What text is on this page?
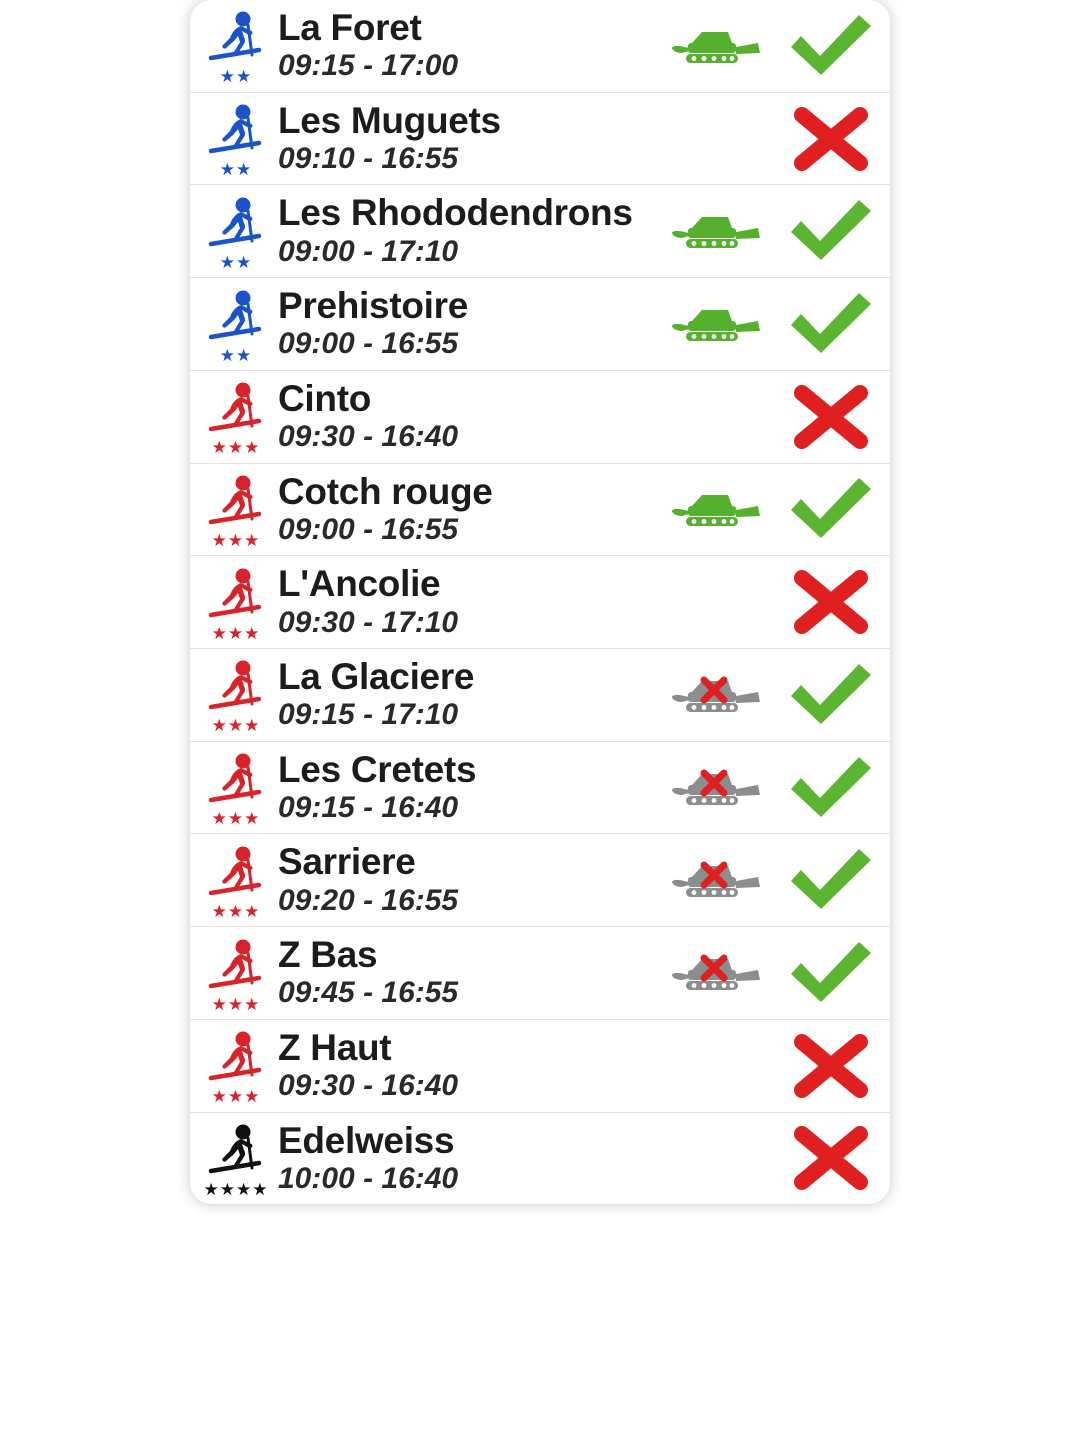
★★
La Foret
09:15 - 17:00
★★
Les Muguets
09:10 - 16:55
★★
Les Rhododendrons
09:00 - 17:10
★★
Prehistoire
09:00 - 16:55
★★★
Cinto
09:30 - 16:40
★★★
Cotch rouge
09:00 - 16:55
★★★
L'Ancolie
09:30 - 17:10
★★★
La Glaciere
09:15 - 17:10
★★★
Les Cretets
09:15 - 16:40
★★★
Sarriere
09:20 - 16:55
★★★
Z Bas
09:45 - 16:55
★★★
Z Haut
09:30 - 16:40
★★★★
Edelweiss
10:00 - 16:40
